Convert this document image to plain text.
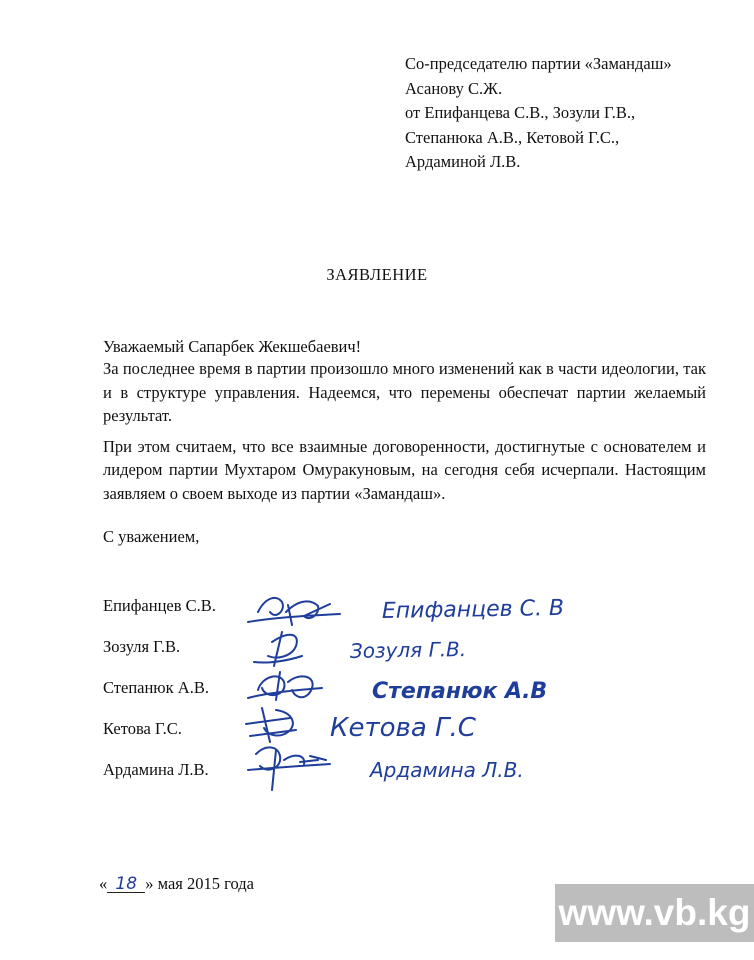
Со-председателю партии «Замандаш»
Асанову С.Ж.
от Епифанцева С.В., Зозули Г.В.,
Степанюка А.В., Кетовой Г.С.,
Ардаминой Л.В.
ЗАЯВЛЕНИЕ
Уважаемый Сапарбек Жекшебаевич!

За последнее время в партии произошло много изменений как в части идеологии, так и в структуре управления. Надеемся, что перемены обеспечат партии желаемый результат.

При этом считаем, что все взаимные договоренности, достигнутые с основателем и лидером партии Мухтаром Омуракуновым, на сегодня себя исчерпали. Настоящим заявляем о своем выходе из партии «Замандаш».

С уважением,
Епифанцев С.В.
Зозуля Г.В.
Степанюк А.В.
Кетова Г.С.
Ардамина Л.В.
Епифанцев С. В
Зозуля Г.В.
Степанюк А.В
Кетова Г.С
Ардамина Л.В.
« 18 » мая 2015 года
www.vb.kg
